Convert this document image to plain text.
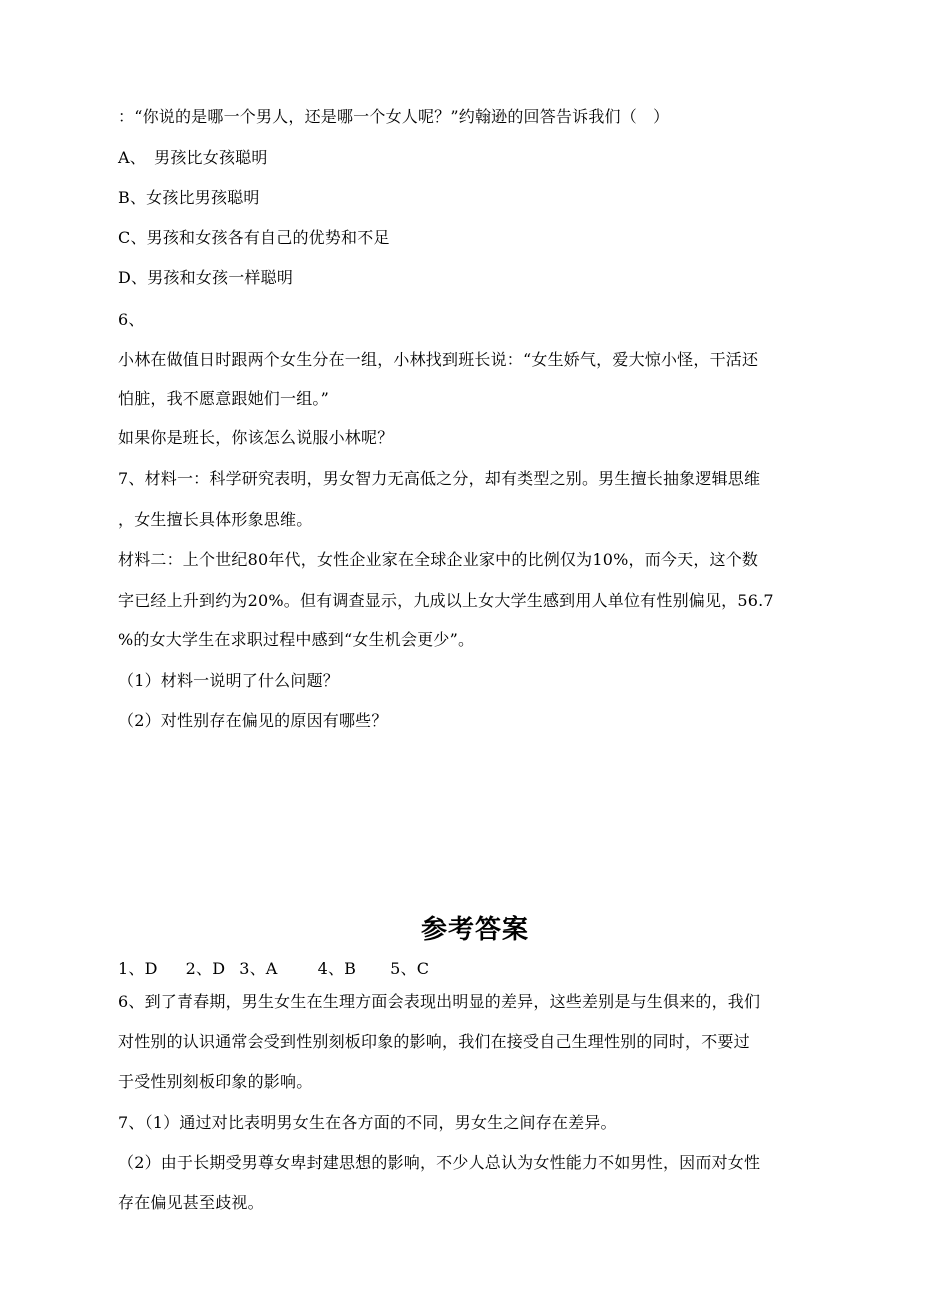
：“你说的是哪一个男人，还是哪一个女人呢？”约翰逊的回答告诉我们（　）
A、　男孩比女孩聪明
B、女孩比男孩聪明
C、男孩和女孩各有自己的优势和不足
D、男孩和女孩一样聪明
6、
小林在做值日时跟两个女生分在一组，小林找到班长说：“女生娇气，爱大惊小怪，干活还
怕脏，我不愿意跟她们一组。”
如果你是班长，你该怎么说服小林呢？
7、材料一：科学研究表明，男女智力无高低之分，却有类型之别。男生擅长抽象逻辑思维
，女生擅长具体形象思维。
材料二：上个世纪80年代，女性企业家在全球企业家中的比例仅为10%，而今天，这个数
字已经上升到约为20%。但有调查显示，九成以上女大学生感到用人单位有性别偏见，56.7
%的女大学生在求职过程中感到“女生机会更少”。
（1）材料一说明了什么问题？
（2）对性别存在偏见的原因有哪些？
参考答案
1、D 2、D 3、A	4、B 5、C
6、到了青春期，男生女生在生理方面会表现出明显的差异，这些差别是与生俱来的，我们
对性别的认识通常会受到性别刻板印象的影响，我们在接受自己生理性别的同时，不要过
于受性别刻板印象的影响。
7、（1）通过对比表明男女生在各方面的不同，男女生之间存在差异。
（2）由于长期受男尊女卑封建思想的影响，不少人总认为女性能力不如男性，因而对女性
存在偏见甚至歧视。
